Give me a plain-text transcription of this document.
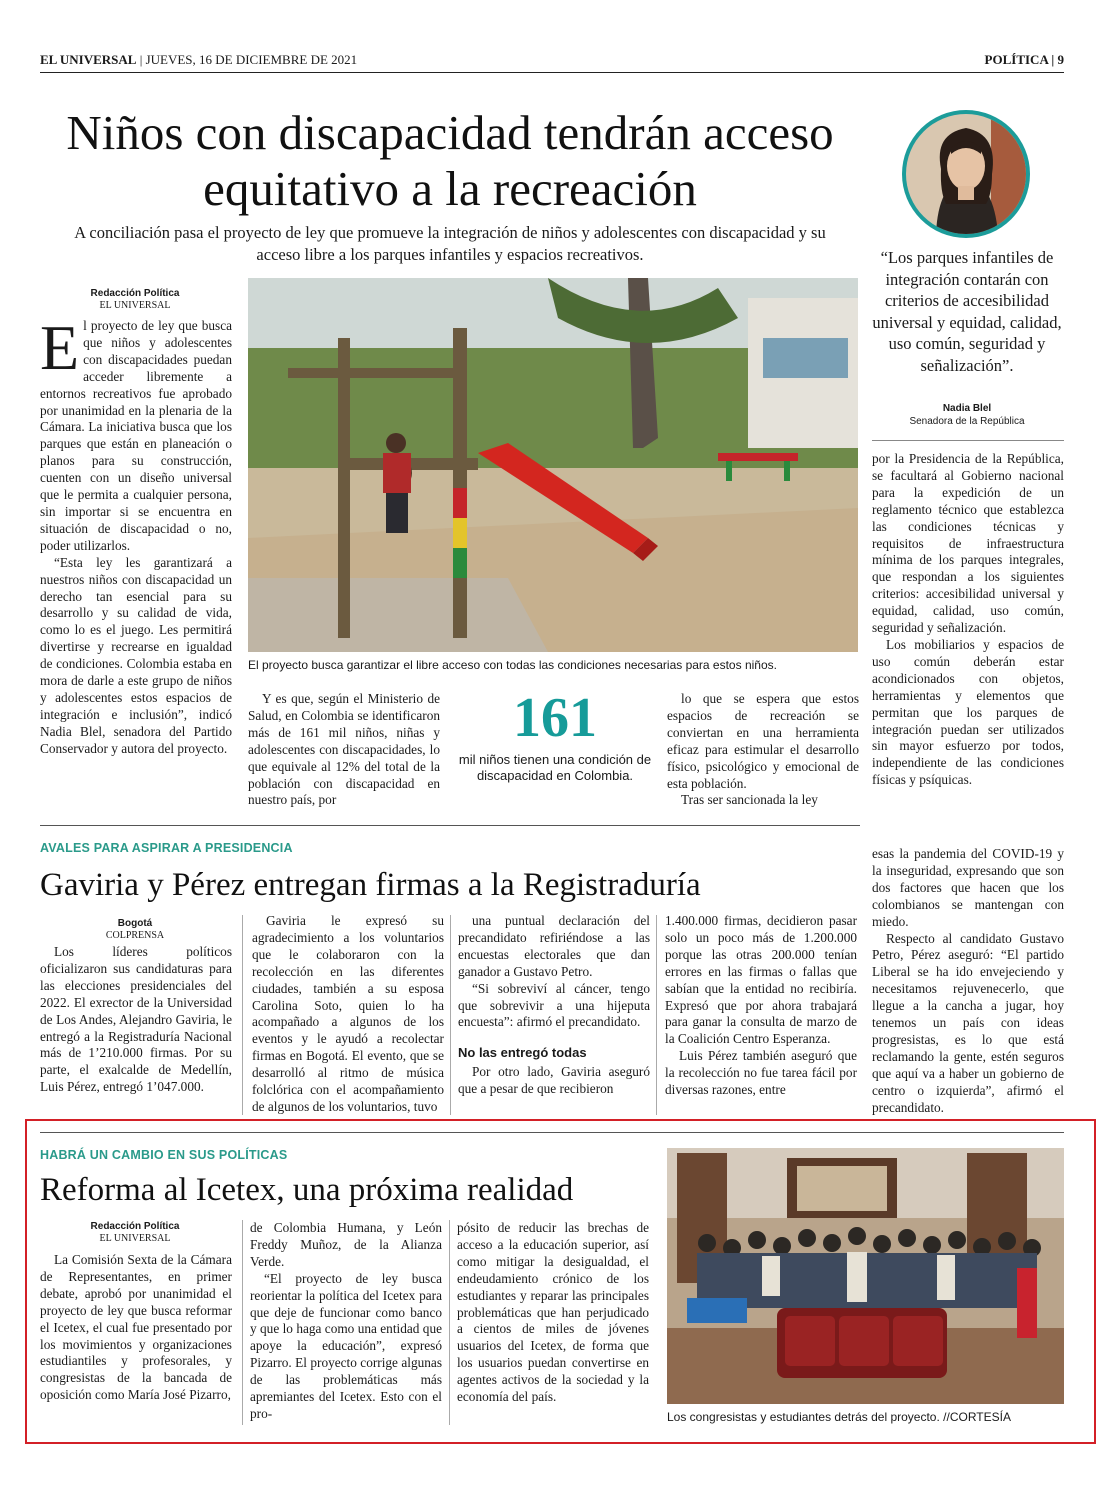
EL UNIVERSAL | JUEVES, 16 DE DICIEMBRE DE 2021	POLÍTICA | 9
Niños con discapacidad tendrán acceso equitativo a la recreación
A conciliación pasa el proyecto de ley que promueve la integración de niños y adolescentes con discapacidad y su acceso libre a los parques infantiles y espacios recreativos.
Redacción Política
EL UNIVERSAL

El proyecto de ley que busca que niños y adolescentes con discapacidades puedan acceder libremente a entornos recreativos fue aprobado por unanimidad en la plenaria de la Cámara. La iniciativa busca que los parques que están en planeación o planos para su construcción, cuenten con un diseño universal que le permita a cualquier persona, sin importar si se encuentra en situación de discapacidad o no, poder utilizarlos.

“Esta ley les garantizará a nuestros niños con discapacidad un derecho tan esencial para su desarrollo y su calidad de vida, como lo es el juego. Les permitirá divertirse y recrearse en igualdad de condiciones. Colombia estaba en mora de darle a este grupo de niños y adolescentes estos espacios de integración e inclusión”, indicó Nadia Blel, senadora del Partido Conservador y autora del proyecto.

El proyecto busca garantizar el libre acceso con todas las condiciones necesarias para estos niños.

Y es que, según el Ministerio de Salud, en Colombia se identificaron más de 161 mil niños, niñas y adolescentes con discapacidades, lo que equivale al 12% del total de la población con discapacidad en nuestro país, por

161
mil niños tienen una condición de discapacidad en Colombia.

lo que se espera que estos espacios de recreación se conviertan en una herramienta eficaz para estimular el desarrollo físico, psicológico y emocional de esta población.

Tras ser sancionada la ley

“Los parques infantiles de integración contarán con criterios de accesibilidad universal y equidad, calidad, uso común, seguridad y señalización”.
Nadia Blel
Senadora de la República

por la Presidencia de la República, se facultará al Gobierno nacional para la expedición de un reglamento técnico que establezca las condiciones técnicas y requisitos de infraestructura mínima de los parques integrales, que respondan a los siguientes criterios: accesibilidad universal y equidad, calidad, uso común, seguridad y señalización.

Los mobiliarios y espacios de uso común deberán estar acondicionados con objetos, herramientas y elementos que permitan que los parques de integración puedan ser utilizados sin mayor esfuerzo por todos, independiente de las condiciones físicas y psíquicas.

AVALES PARA ASPIRAR A PRESIDENCIA
Gaviria y Pérez entregan firmas a la Registraduría
Bogotá
COLPRENSA

Los líderes políticos oficializaron sus candidaturas para las elecciones presidenciales del 2022. El exrector de la Universidad de Los Andes, Alejandro Gaviria, le entregó a la Registraduría Nacional más de 1’210.000 firmas. Por su parte, el exalcalde de Medellín, Luis Pérez, entregó 1’047.000.

Gaviria le expresó su agradecimiento a los voluntarios que le colaboraron con la recolección en las diferentes ciudades, también a su esposa Carolina Soto, quien lo ha acompañado a algunos de los eventos y le ayudó a recolectar firmas en Bogotá. El evento, que se desarrolló al ritmo de música folclórica con el acompañamiento de algunos de los voluntarios, tuvo

una puntual declaración del precandidato refiriéndose a las encuestas electorales que dan ganador a Gustavo Petro.

“Si sobreviví al cáncer, tengo que sobrevivir a una hijeputa encuesta”: afirmó el precandidato.

No las entregó todas

Por otro lado, Gaviria aseguró que a pesar de que recibieron

1.400.000 firmas, decidieron pasar solo un poco más de 1.200.000 porque las otras 200.000 tenían errores en las firmas o fallas que sabían que la entidad no recibiría. Expresó que por ahora trabajará para ganar la consulta de marzo de la Coalición Centro Esperanza.

Luis Pérez también aseguró que la recolección no fue tarea fácil por diversas razones, entre

esas la pandemia del COVID-19 y la inseguridad, expresando que son dos factores que hacen que los colombianos se mantengan con miedo.

Respecto al candidato Gustavo Petro, Pérez aseguró: “El partido Liberal se ha ido envejeciendo y necesitamos rejuvenecerlo, que llegue a la cancha a jugar, hoy tenemos un país con ideas progresistas, es lo que está reclamando la gente, estén seguros que aquí va a haber un gobierno de centro o izquierda”, afirmó el precandidato.

HABRÁ UN CAMBIO EN SUS POLÍTICAS
Reforma al Icetex, una próxima realidad
Redacción Política
EL UNIVERSAL

La Comisión Sexta de la Cámara de Representantes, en primer debate, aprobó por unanimidad el proyecto de ley que busca reformar el Icetex, el cual fue presentado por los movimientos y organizaciones estudiantiles y profesorales, y congresistas de la bancada de oposición como María José Pizarro,

de Colombia Humana, y León Freddy Muñoz, de la Alianza Verde.

“El proyecto de ley busca reorientar la política del Icetex para que deje de funcionar como banco y que lo haga como una entidad que apoye la educación”, expresó Pizarro. El proyecto corrige algunas de las problemáticas más apremiantes del Icetex. Esto con el pro-

pósito de reducir las brechas de acceso a la educación superior, así como mitigar la desigualdad, el endeudamiento crónico de los estudiantes y reparar las principales problemáticas que han perjudicado a cientos de miles de jóvenes usuarios del Icetex, de forma que los usuarios puedan convertirse en agentes activos de la sociedad y la economía del país.

Los congresistas y estudiantes detrás del proyecto. //CORTESÍA
